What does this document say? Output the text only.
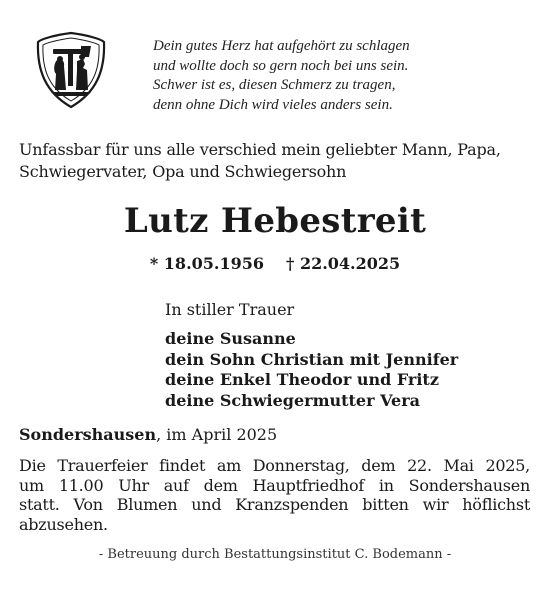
Dein gutes Herz hat aufgehört zu schlagen
und wollte doch so gern noch bei uns sein.
Schwer ist es, diesen Schmerz zu tragen,
denn ohne Dich wird vieles anders sein.
Unfassbar für uns alle verschied mein geliebter Mann, Papa,
Schwiegervater, Opa und Schwiegersohn
Lutz Hebestreit
* 18.05.1956 † 22.04.2025
In stiller Trauer
deine Susanne
dein Sohn Christian mit Jennifer
deine Enkel Theodor und Fritz
deine Schwiegermutter Vera
Sondershausen, im April 2025
Die Trauerfeier findet am Donnerstag, dem 22. Mai 2025,
um 11.00 Uhr auf dem Hauptfriedhof in Sondershausen
statt. Von Blumen und Kranzspenden bitten wir höflichst
abzusehen.
- Betreuung durch Bestattungsinstitut C. Bodemann -
